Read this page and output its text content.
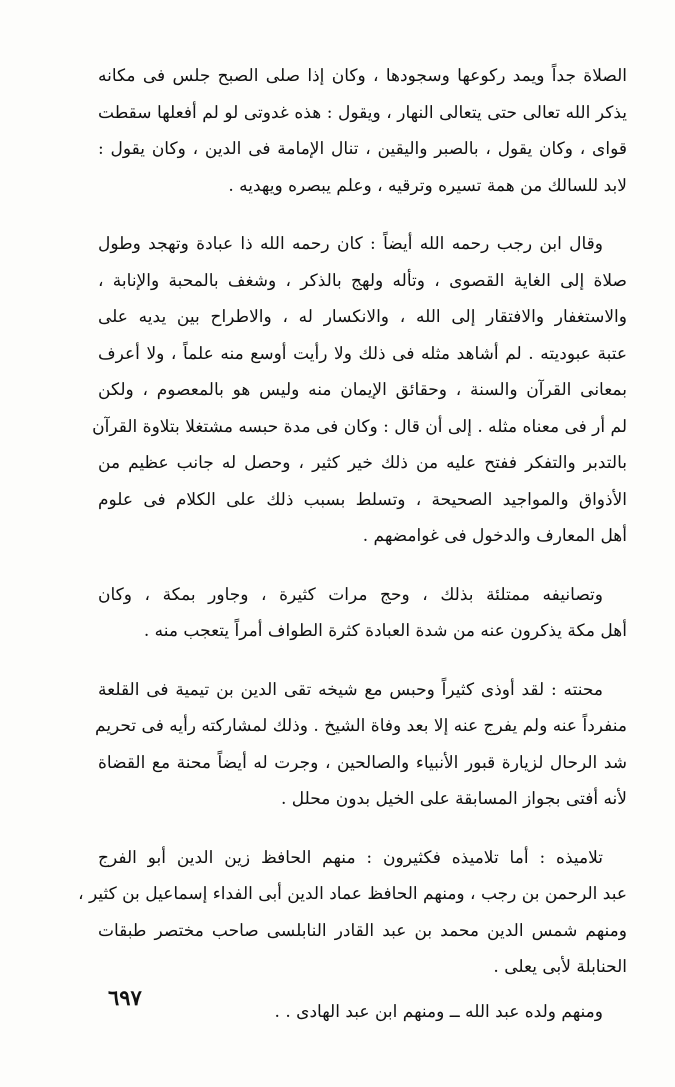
الصلاة جداً ويمد ركوعها وسجودها ، وكان إذا صلى الصبح جلس فى مكانه
يذكر الله تعالى حتى يتعالى النهار ، ويقول : هذه غدوتى لو لم أفعلها سقطت
قواى ، وكان يقول ، بالصبر واليقين ، تنال الإمامة فى الدين ، وكان يقول :
لابد للسالك من همة تسيره وترقيه ، وعلم يبصره ويهديه .

وقال ابن رجب رحمه الله أيضاً : كان رحمه الله ذا عبادة وتهجد وطول
صلاة إلى الغاية القصوى ، وتأله ولهج بالذكر ، وشغف بالمحبة والإنابة ،
والاستغفار والافتقار إلى الله ، والانكسار له ، والاطراح بين يديه على
عتبة عبوديته . لم أشاهد مثله فى ذلك ولا رأيت أوسع منه علماً ، ولا أعرف
بمعانى القرآن والسنة ، وحقائق الإيمان منه وليس هو بالمعصوم ، ولكن
لم أر فى معناه مثله . إلى أن قال : وكان فى مدة حبسه مشتغلا بتلاوة القرآن
بالتدبر والتفكر ففتح عليه من ذلك خير كثير ، وحصل له جانب عظيم من
الأذواق والمواجيد الصحيحة ، وتسلط بسبب ذلك على الكلام فى علوم
أهل المعارف والدخول فى غوامضهم .

وتصانيفه ممتلئة بذلك ، وحج مرات كثيرة ، وجاور بمكة ، وكان
أهل مكة يذكرون عنه من شدة العبادة كثرة الطواف أمراً يتعجب منه .

محنته : لقد أوذى كثيراً وحبس مع شيخه تقى الدين بن تيمية فى القلعة
منفرداً عنه ولم يفرج عنه إلا بعد وفاة الشيخ . وذلك لمشاركته رأيه فى تحريم
شد الرحال لزيارة قبور الأنبياء والصالحين ، وجرت له أيضاً محنة مع القضاة
لأنه أفتى بجواز المسابقة على الخيل بدون محلل .

تلاميذه : أما تلاميذه فكثيرون : منهم الحافظ زين الدين أبو الفرج
عبد الرحمن بن رجب ، ومنهم الحافظ عماد الدين أبى الفداء إسماعيل بن كثير ،
ومنهم شمس الدين محمد بن عبد القادر النابلسى صاحب مختصر طبقات
الحنابلة لأبى يعلى .

ومنهم ولده عبد الله ــ ومنهم ابن عبد الهادى . .

٦٩٧
